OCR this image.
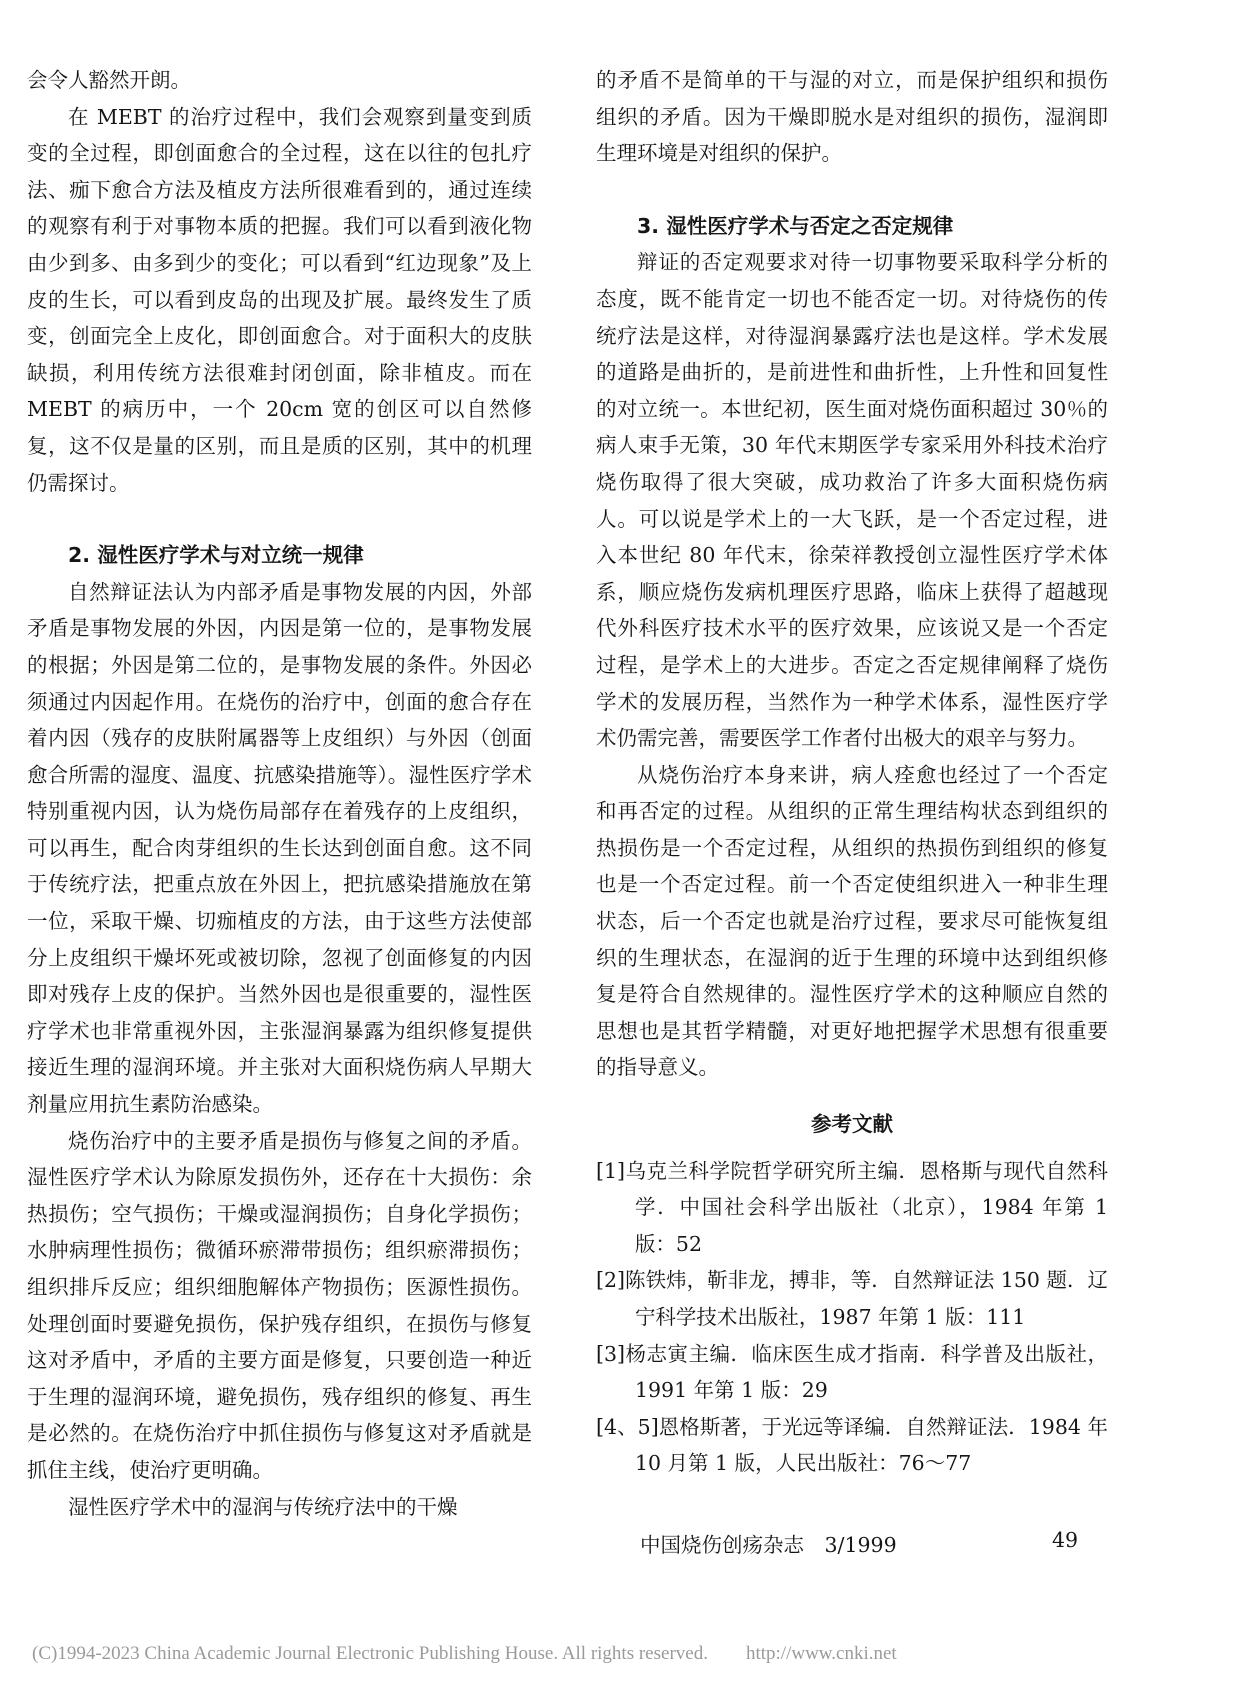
会令人豁然开朗。

在 MEBT 的治疗过程中，我们会观察到量变到质变的全过程，即创面愈合的全过程，这在以往的包扎疗法、痂下愈合方法及植皮方法所很难看到的，通过连续的观察有利于对事物本质的把握。我们可以看到液化物由少到多、由多到少的变化；可以看到“红边现象”及上皮的生长，可以看到皮岛的出现及扩展。最终发生了质变，创面完全上皮化，即创面愈合。对于面积大的皮肤缺损，利用传统方法很难封闭创面，除非植皮。而在 MEBT 的病历中，一个 20cm 宽的创区可以自然修复，这不仅是量的区别，而且是质的区别，其中的机理仍需探讨。

2. 湿性医疗学术与对立统一规律

自然辩证法认为内部矛盾是事物发展的内因，外部矛盾是事物发展的外因，内因是第一位的，是事物发展的根据；外因是第二位的，是事物发展的条件。外因必须通过内因起作用。在烧伤的治疗中，创面的愈合存在着内因（残存的皮肤附属器等上皮组织）与外因（创面愈合所需的湿度、温度、抗感染措施等）。湿性医疗学术特别重视内因，认为烧伤局部存在着残存的上皮组织，可以再生，配合肉芽组织的生长达到创面自愈。这不同于传统疗法，把重点放在外因上，把抗感染措施放在第一位，采取干燥、切痂植皮的方法，由于这些方法使部分上皮组织干燥坏死或被切除，忽视了创面修复的内因即对残存上皮的保护。当然外因也是很重要的，湿性医疗学术也非常重视外因，主张湿润暴露为组织修复提供接近生理的湿润环境。并主张对大面积烧伤病人早期大剂量应用抗生素防治感染。

烧伤治疗中的主要矛盾是损伤与修复之间的矛盾。湿性医疗学术认为除原发损伤外，还存在十大损伤：余热损伤；空气损伤；干燥或湿润损伤；自身化学损伤；水肿病理性损伤；微循环瘀滞带损伤；组织瘀滞损伤；组织排斥反应；组织细胞解体产物损伤；医源性损伤。处理创面时要避免损伤，保护残存组织，在损伤与修复这对矛盾中，矛盾的主要方面是修复，只要创造一种近于生理的湿润环境，避免损伤，残存组织的修复、再生是必然的。在烧伤治疗中抓住损伤与修复这对矛盾就是抓住主线，使治疗更明确。

湿性医疗学术中的湿润与传统疗法中的干燥

的矛盾不是简单的干与湿的对立，而是保护组织和损伤组织的矛盾。因为干燥即脱水是对组织的损伤，湿润即生理环境是对组织的保护。

3. 湿性医疗学术与否定之否定规律

辩证的否定观要求对待一切事物要采取科学分析的态度，既不能肯定一切也不能否定一切。对待烧伤的传统疗法是这样，对待湿润暴露疗法也是这样。学术发展的道路是曲折的，是前进性和曲折性，上升性和回复性的对立统一。本世纪初，医生面对烧伤面积超过 30％的病人束手无策，30 年代末期医学专家采用外科技术治疗烧伤取得了很大突破，成功救治了许多大面积烧伤病人。可以说是学术上的一大飞跃，是一个否定过程，进入本世纪 80 年代末，徐荣祥教授创立湿性医疗学术体系，顺应烧伤发病机理医疗思路，临床上获得了超越现代外科医疗技术水平的医疗效果，应该说又是一个否定过程，是学术上的大进步。否定之否定规律阐释了烧伤学术的发展历程，当然作为一种学术体系，湿性医疗学术仍需完善，需要医学工作者付出极大的艰辛与努力。

从烧伤治疗本身来讲，病人痊愈也经过了一个否定和再否定的过程。从组织的正常生理结构状态到组织的热损伤是一个否定过程，从组织的热损伤到组织的修复也是一个否定过程。前一个否定使组织进入一种非生理状态，后一个否定也就是治疗过程，要求尽可能恢复组织的生理状态，在湿润的近于生理的环境中达到组织修复是符合自然规律的。湿性医疗学术的这种顺应自然的思想也是其哲学精髓，对更好地把握学术思想有很重要的指导意义。

参考文献
[1]乌克兰科学院哲学研究所主编．恩格斯与现代自然科学．中国社会科学出版社（北京），1984 年第 1 版：52
[2]陈铁炜，靳非龙，搏非，等．自然辩证法 150 题．辽宁科学技术出版社，1987 年第 1 版：111
[3]杨志寅主编．临床医生成才指南．科学普及出版社，1991 年第 1 版：29
[4、5]恩格斯著，于光远等译编．自然辩证法．1984 年 10 月第 1 版，人民出版社：76～77
中国烧伤创疡杂志　3/1999	49
(C)1994-2023 China Academic Journal Electronic Publishing House. All rights reserved.　　http://www.cnki.net
